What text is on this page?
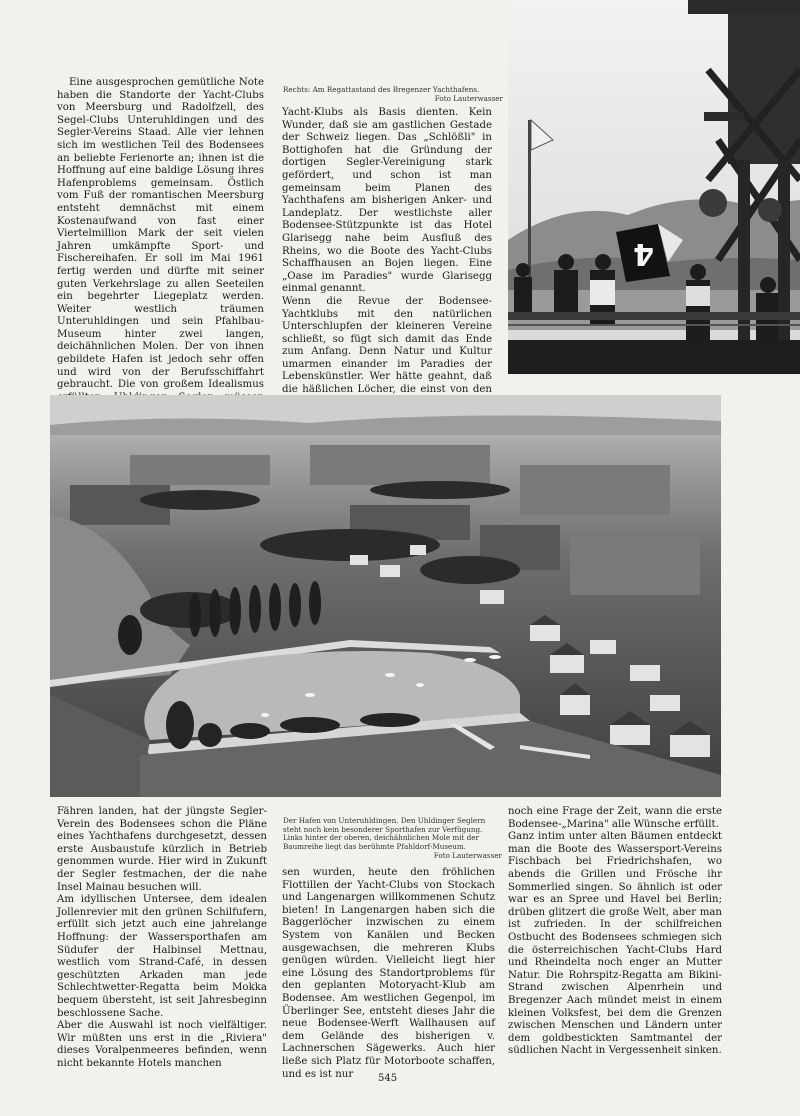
Eine ausgesprochen gemütliche Note haben die Standorte der Yacht-Clubs von Meersburg und Radolfzell, des Segel-Clubs Unteruhldingen und des Segler-Vereins Staad. Alle vier lehnen sich im westlichen Teil des Bodensees an beliebte Ferienorte an; ihnen ist die Hoffnung auf eine baldige Lösung ihres Hafenproblems gemeinsam. Östlich vom Fuß der romantischen Meersburg entsteht demnächst mit einem Kostenaufwand von fast einer Viertelmillion Mark der seit vielen Jahren umkämpfte Sport- und Fischereihafen. Er soll im Mai 1961 fertig werden und dürfte mit seiner guten Verkehrslage zu allen Seeteilen ein begehrter Liegeplatz werden. Weiter westlich träumen Unteruhldingen und sein Pfahlbau-Museum hinter zwei langen, deichähnlichen Molen. Der von ihnen gebildete Hafen ist jedoch sehr offen und wird von der Berufsschiffahrt gebraucht. Die von großem Idealismus

Rechts: Am Regattastand des Bregenzer Yachthafens.

Foto Lauterwasser

Yacht-Klubs als Basis dienten. Kein Wunder, daß sie am gastlichen Gestade der Schweiz liegen. Das „Schlößli" in Bottighofen hat die Gründung der dortigen Segler-Vereinigung stark gefördert, und schon ist man gemeinsam beim Planen des Yachthafens am bisherigen Anker- und Landeplatz. Der westlichste aller Bodensee-Stützpunkte ist das Hotel Glarisegg nahe beim Ausfluß des Rheins, wo die Boote des Yacht-Clubs Schaffhausen an Bojen liegen. Eine „Oase im Paradies" wurde Glarisegg einmal genannt.
Wenn die Revue der Bodensee-Yachtklubs mit den natürlichen Unterschlupfen der kleineren Vereine schließt, so fügt sich damit das Ende zum Anfang. Denn Natur und Kultur umarmen einander im Paradies der Lebenskünstler. Wer hätte geahnt, daß die häßlichen Löcher, die einst von den
4
Fähren landen, hat der jüngste Segler-Verein des Bodensees schon die Pläne eines Yachthafens durchgesetzt, dessen erste Ausbaustufe kürzlich in Betrieb genommen wurde. Hier wird in Zukunft der Segler festmachen, der die nahe Insel Mainau besuchen will.
Am idyllischen Untersee, dem idealen Jollenrevier mit den grünen Schilfufern, erfüllt sich jetzt auch eine jahrelange Hoffnung: der Wassersporthafen am Südufer der Halbinsel Mettnau, westlich vom Strand-Café, in dessen geschützten Arkaden man jede Schlechtwetter-Regatta beim Mokka bequem übersteht, ist seit Jahresbeginn beschlossene Sache.
Aber die Auswahl ist noch vielfältiger. Wir müßten uns erst in die „Riviera" dieses Voralpenmeeres befinden, wenn nicht bekannte Hotels manchen

Der Hafen von Unteruhldingen. Den Uhldinger Seglern steht noch kein besonderer Sporthafen zur Verfügung. Links hinter der oberen, deichähnlichen Mole mit der Baumreihe liegt das berühmte Pfahldorf-Museum.

Foto Lauterwasser

sen wurden, heute den fröhlichen Flottillen der Yacht-Clubs von Stockach und Langenargen willkommenen Schutz bieten! In Langenargen haben sich die Baggerlöcher inzwischen zu einem System von Kanälen und Becken ausgewachsen, die mehreren Klubs genügen würden. Vielleicht liegt hier eine Lösung des Standortproblems für den geplanten Motoryacht-Klub am Bodensee. Am westlichen Gegenpol, im Überlinger See, entsteht dieses Jahr die neue Bodensee-Werft Wallhausen auf dem Gelände des bisherigen v. Lachnerschen Sägewerks. Auch hier ließe sich Platz für Motorboote schaffen, und es ist nur
noch eine Frage der Zeit, wann die erste Bodensee-„Marina" alle Wünsche erfüllt.
Ganz intim unter alten Bäumen entdeckt man die Boote des Wassersport-Vereins Fischbach bei Friedrichshafen, wo abends die Grillen und Frösche ihr Sommerlied singen. So ähnlich ist oder war es an Spree und Havel bei Berlin; drüben glitzert die große Welt, aber man ist zufrieden. In der schilfreichen Ostbucht des Bodensees schmiegen sich die österreichischen Yacht-Clubs Hard und Rheindelta noch enger an Mutter Natur. Die Rohrspitz-Regatta am Bikini-Strand zwischen Alpenrhein und Bregenzer Aach mündet meist in einem kleinen Volksfest, bei dem die Grenzen zwischen Menschen und Ländern unter dem goldbestickten Samtmantel der südlichen Nacht in Vergessenheit sinken.
545
